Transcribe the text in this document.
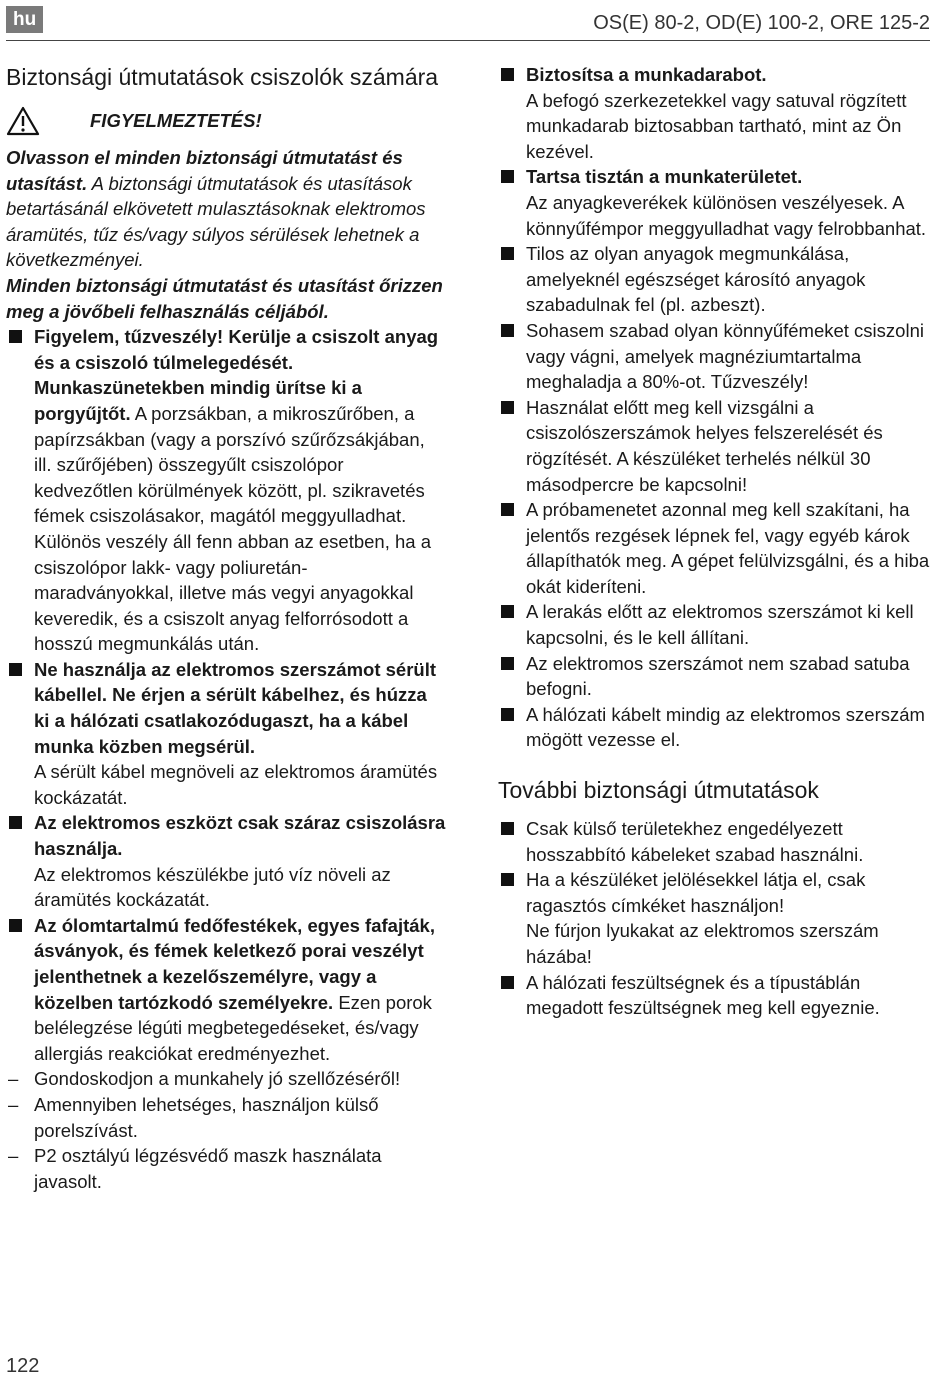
hu	OS(E) 80-2, OD(E) 100-2, ORE 125-2
Biztonsági útmutatások csiszolók számára
FIGYELMEZTETÉS!

Olvasson el minden biztonsági útmutatást és utasítást. A biztonsági útmutatások és utasítások betartásánál elkövetett mulasztásoknak elektromos áramütés, tűz és/vagy súlyos sérülések lehetnek a következményei.
Minden biztonsági útmutatást és utasítást őrizzen meg a jövőbeli felhasználás céljából.

Figyelem, tűzveszély! Kerülje a csiszolt anyag és a csiszoló túlmelegedését. Munkaszünetekben mindig ürítse ki a porgyűjtőt. A porzsákban, a mikroszűrőben, a papírzsákban (vagy a porszívó szűrőzsákjában, ill. szűrőjében) összegyűlt csiszolópor kedvezőtlen körülmények között, pl. szikravetés fémek csiszolásakor, magától meggyulladhat. Különös veszély áll fenn abban az esetben, ha a csiszolópor lakk- vagy poliuretán-maradványokkal, illetve más vegyi anyagokkal keveredik, és a csiszolt anyag felforrósodott a hosszú megmunkálás után.
Ne használja az elektromos szerszámot sérült kábellel. Ne érjen a sérült kábelhez, és húzza ki a hálózati csatlakozódugaszt, ha a kábel munka közben megsérül.
A sérült kábel megnöveli az elektromos áramütés kockázatát.
Az elektromos eszközt csak száraz csiszolásra használja.
Az elektromos készülékbe jutó víz növeli az áramütés kockázatát.
Az ólomtartalmú fedőfestékek, egyes fafajták, ásványok, és fémek keletkező porai veszélyt jelenthetnek a kezelőszemélyre, vagy a közelben tartózkodó személyekre. Ezen porok belélegzése légúti megbetegedéseket, és/vagy allergiás reakciókat eredményezhet.
– Gondoskodjon a munkahely jó szellőzéséről!
– Amennyiben lehetséges, használjon külső porelszívást.
– P2 osztályú légzésvédő maszk használata javasolt.
Biztosítsa a munkadarabot.
A befogó szerkezetekkel vagy satuval rögzített munkadarab biztosabban tartható, mint az Ön kezével.
Tartsa tisztán a munkaterületet.
Az anyagkeverékek különösen veszélyesek. A könnyűfémpor meggyulladhat vagy felrobbanhat.
Tilos az olyan anyagok megmunkálása, amelyeknél egészséget károsító anyagok szabadulnak fel (pl. azbeszt).
Sohasem szabad olyan könnyűfémeket csiszolni vagy vágni, amelyek magnéziumtartalma meghaladja a 80%-ot. Tűzveszély!
Használat előtt meg kell vizsgálni a csiszolószerszámok helyes felszerelését és rögzítését. A készüléket terhelés nélkül 30 másodpercre be kapcsolni!
A próbamenetet azonnal meg kell szakítani, ha jelentős rezgések lépnek fel, vagy egyéb károk állapíthatók meg. A gépet felülvizsgálni, és a hiba okát kideríteni.
A lerakás előtt az elektromos szerszámot ki kell kapcsolni, és le kell állítani.
Az elektromos szerszámot nem szabad satuba befogni.
A hálózati kábelt mindig az elektromos szerszám mögött vezesse el.
További biztonsági útmutatások
Csak külső területekhez engedélyezett hosszabbító kábeleket szabad használni.
Ha a készüléket jelölésekkel látja el, csak ragasztós címkéket használjon!
Ne fúrjon lyukakat az elektromos szerszám házába!
A hálózati feszültségnek és a típustáblán megadott feszültségnek meg kell egyeznie.
122
